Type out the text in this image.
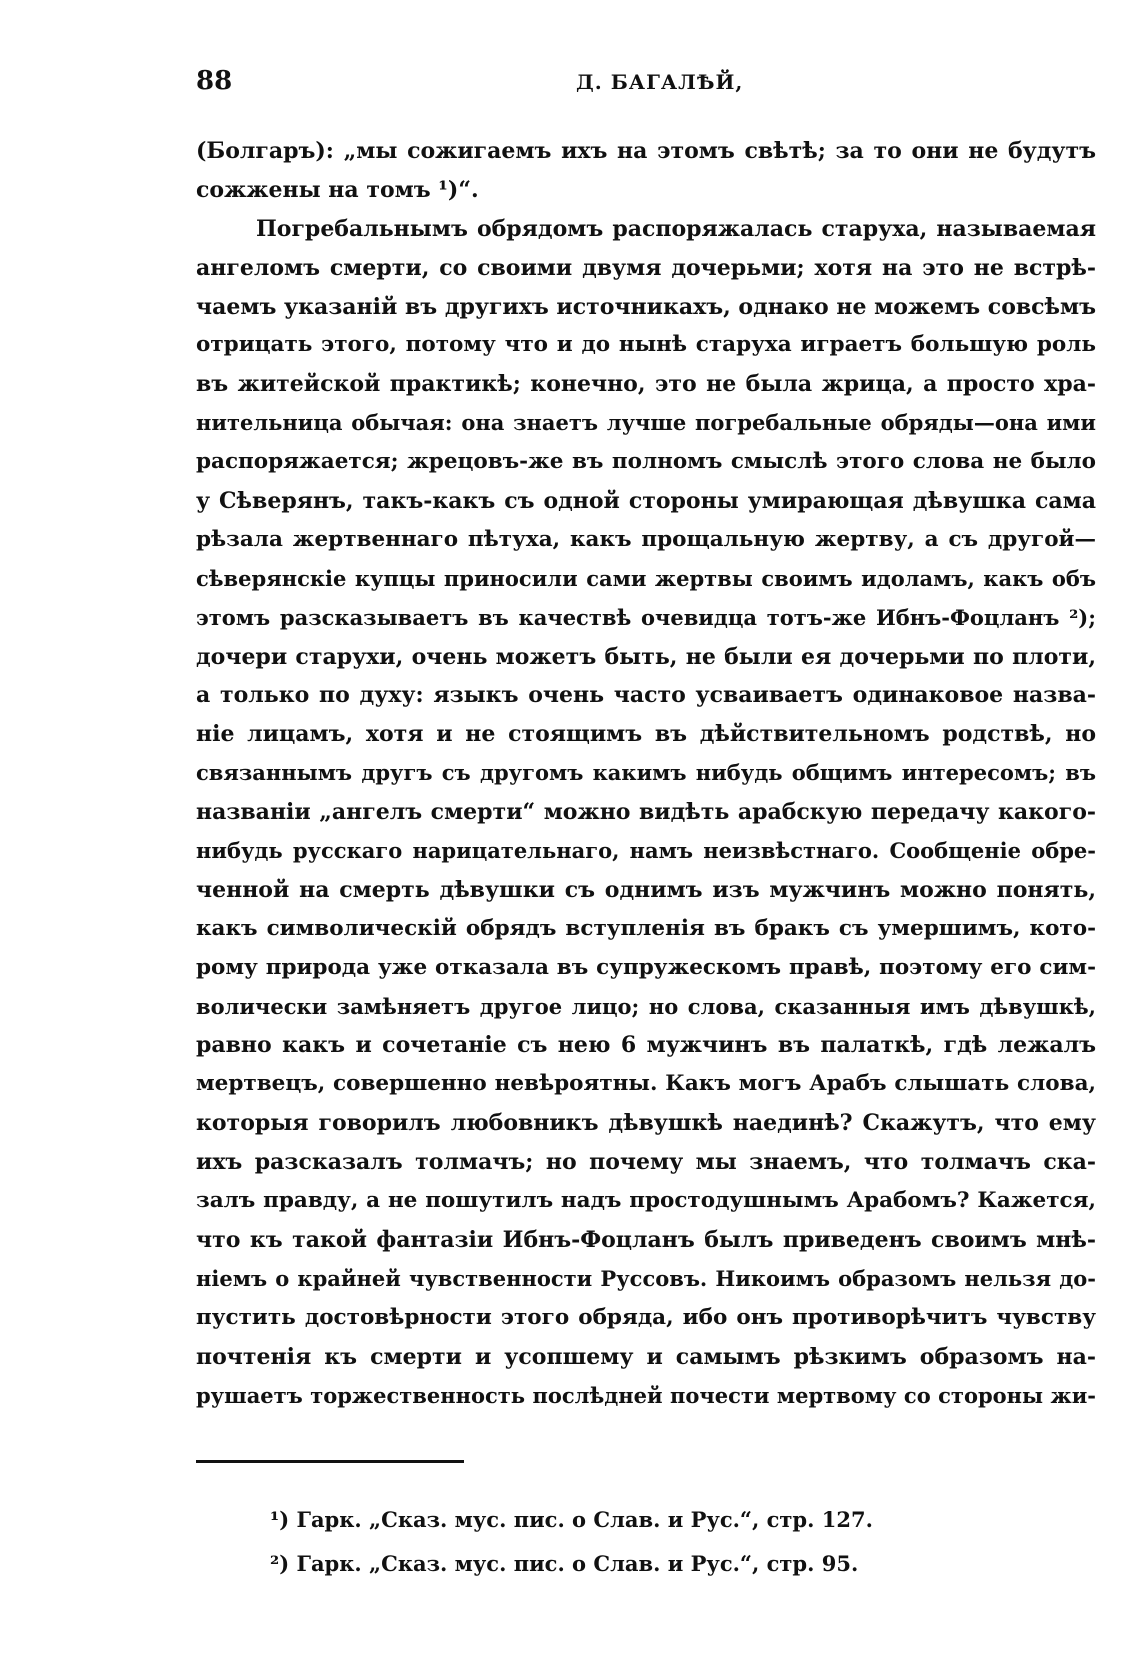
88	Д. БАГАЛѢЙ,
(Болгаръ): „мы сожигаемъ ихъ на этомъ свѣтѣ; за то они не будутъ
сожжены на томъ ¹)“.
Погребальнымъ обрядомъ распоряжалась старуха, называемая
ангеломъ смерти, со своими двумя дочерьми; хотя на это не встрѣ-
чаемъ указаній въ другихъ источникахъ, однако не можемъ совсѣмъ
отрицать этого, потому что и до нынѣ старуха играетъ большую роль
въ житейской практикѣ; конечно, это не была жрица, а просто хра-
нительница обычая: она знаетъ лучше погребальные обряды—она ими
распоряжается; жрецовъ-же въ полномъ смыслѣ этого слова не было
у Сѣверянъ, такъ-какъ съ одной стороны умирающая дѣвушка сама
рѣзала жертвеннаго пѣтуха, какъ прощальную жертву, а съ другой—
сѣверянскіе купцы приносили сами жертвы своимъ идоламъ, какъ объ
этомъ разсказываетъ въ качествѣ очевидца тотъ-же Ибнъ-Фоцланъ ²);
дочери старухи, очень можетъ быть, не были ея дочерьми по плоти,
а только по духу: языкъ очень часто усваиваетъ одинаковое назва-
ніе лицамъ, хотя и не стоящимъ въ дѣйствительномъ родствѣ, но
связаннымъ другъ съ другомъ какимъ нибудь общимъ интересомъ; въ
названіи „ангелъ смерти“ можно видѣть арабскую передачу какого-
нибудь русскаго нарицательнаго, намъ неизвѣстнаго. Сообщеніе обре-
ченной на смерть дѣвушки съ однимъ изъ мужчинъ можно понять,
какъ символическій обрядъ вступленія въ бракъ съ умершимъ, кото-
рому природа уже отказала въ супружескомъ правѣ, поэтому его сим-
волически замѣняетъ другое лицо; но слова, сказанныя имъ дѣвушкѣ,
равно какъ и сочетаніе съ нею 6 мужчинъ въ палаткѣ, гдѣ лежалъ
мертвецъ, совершенно невѣроятны. Какъ могъ Арабъ слышать слова,
которыя говорилъ любовникъ дѣвушкѣ наединѣ? Скажутъ, что ему
ихъ разсказалъ толмачъ; но почему мы знаемъ, что толмачъ ска-
залъ правду, а не пошутилъ надъ простодушнымъ Арабомъ? Кажется,
что къ такой фантазіи Ибнъ-Фоцланъ былъ приведенъ своимъ мнѣ-
ніемъ о крайней чувственности Руссовъ. Никоимъ образомъ нельзя до-
пустить достовѣрности этого обряда, ибо онъ противорѣчитъ чувству
почтенія къ смерти и усопшему и самымъ рѣзкимъ образомъ на-
рушаетъ торжественность послѣдней почести мертвому со стороны жи-
¹) Гарк. „Сказ. мус. пис. о Слав. и Рус.“, стр. 127.
²) Гарк. „Сказ. мус. пис. о Слав. и Рус.“, стр. 95.
